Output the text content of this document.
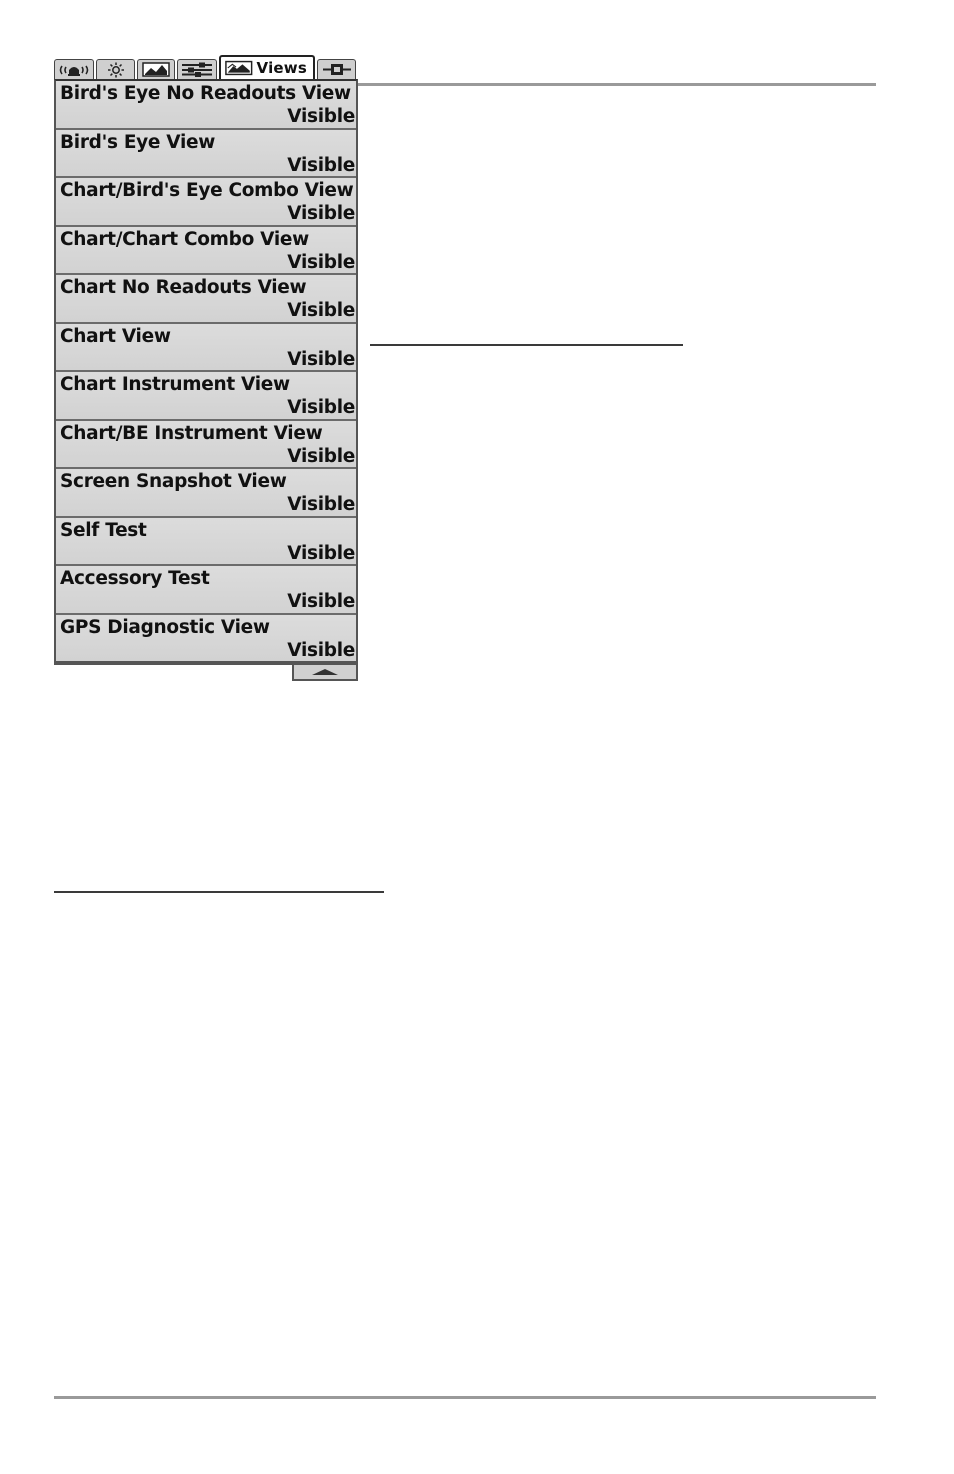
Views
Bird's Eye No Readouts View
Visible
Bird's Eye View
Visible
Chart/Bird's Eye Combo View
Visible
Chart/Chart Combo View
Visible
Chart No Readouts View
Visible
Chart View
Visible
Chart Instrument View
Visible
Chart/BE Instrument View
Visible
Screen Snapshot View
Visible
Self Test
Visible
Accessory Test
Visible
GPS Diagnostic View
Visible
